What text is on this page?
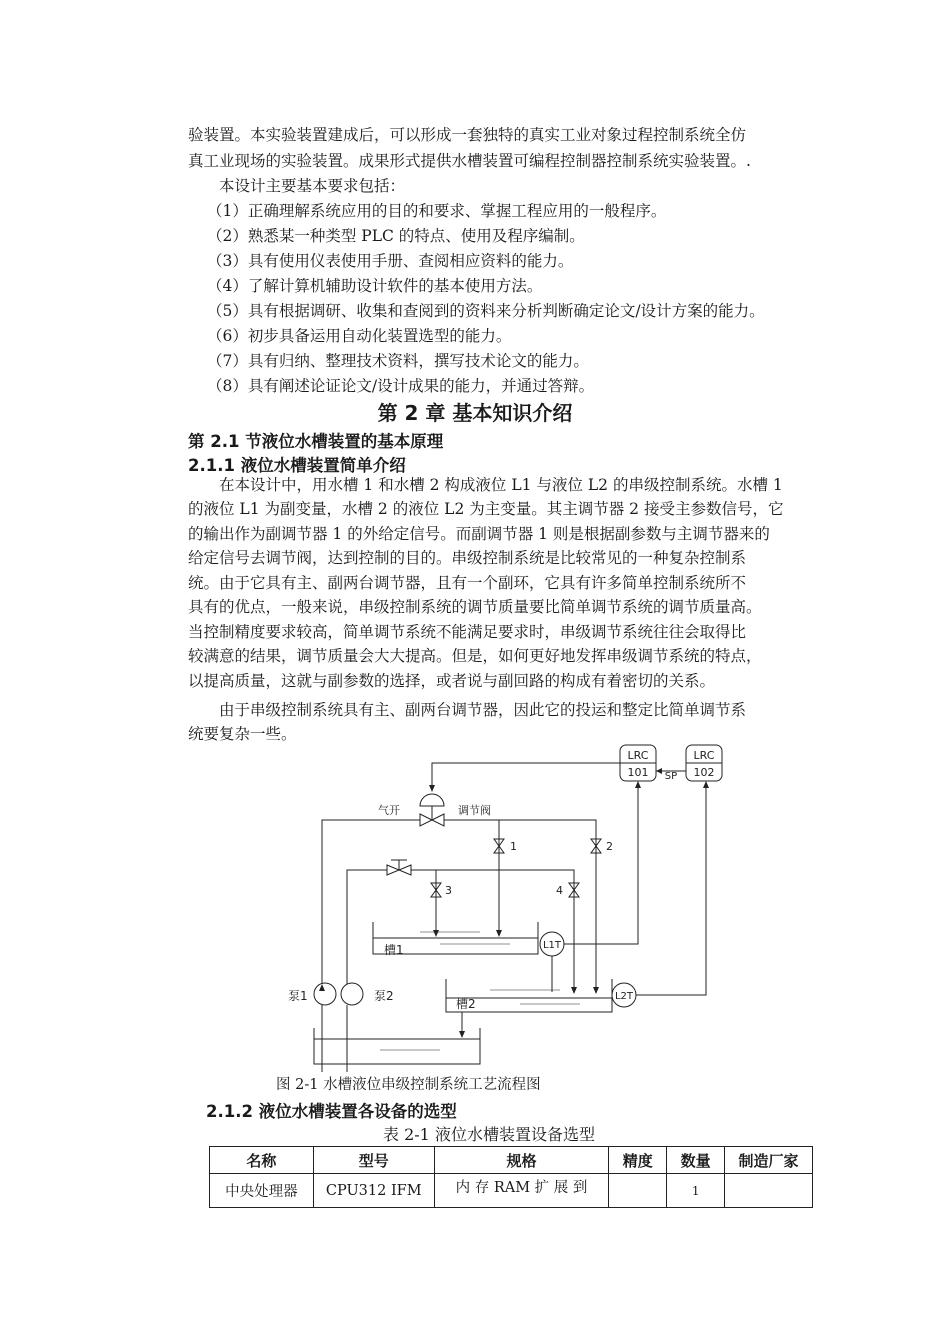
验装置。本实验装置建成后，可以形成一套独特的真实工业对象过程控制系统全仿
真工业现场的实验装置。成果形式提供水槽装置可编程控制器控制系统实验装置。.
本设计主要基本要求包括：
（1）正确理解系统应用的目的和要求、掌握工程应用的一般程序。
（2）熟悉某一种类型 PLC 的特点、使用及程序编制。
（3）具有使用仪表使用手册、查阅相应资料的能力。
（4）了解计算机辅助设计软件的基本使用方法。
（5）具有根据调研、收集和查阅到的资料来分析判断确定论文/设计方案的能力。
（6）初步具备运用自动化装置选型的能力。
（7）具有归纳、整理技术资料，撰写技术论文的能力。
（8）具有阐述论证论文/设计成果的能力，并通过答辩。
第 2 章 基本知识介绍
第 2.1 节液位水槽装置的基本原理
2.1.1 液位水槽装置简单介绍
在本设计中，用水槽 1 和水槽 2 构成液位 L1 与液位 L2 的串级控制系统。水槽 1
的液位 L1 为副变量，水槽 2 的液位 L2 为主变量。其主调节器 2 接受主参数信号，它
的输出作为副调节器 1 的外给定信号。而副调节器 1 则是根据副参数与主调节器来的
给定信号去调节阀，达到控制的目的。串级控制系统是比较常见的一种复杂控制系
统。由于它具有主、副两台调节器，且有一个副环，它具有许多简单控制系统所不
具有的优点，一般来说，串级控制系统的调节质量要比简单调节系统的调节质量高。
当控制精度要求较高，简单调节系统不能满足要求时，串级调节系统往往会取得比
较满意的结果，调节质量会大大提高。但是，如何更好地发挥串级调节系统的特点，
以提高质量，这就与副参数的选择，或者说与副回路的构成有着密切的关系。
由于串级控制系统具有主、副两台调节器，因此它的投运和整定比简单调节系
统要复杂一些。
LRC
101
LRC
102
SP
气开	调节阀
1	2
3	4
槽1	L1T
槽2
L2T
泵1	泵2
图 2-1 水槽液位串级控制系统工艺流程图
2.1.2 液位水槽装置各设备的选型
表 2-1 液位水槽装置设备选型
名称	型号	规格	精度	数量	制造厂家
中央处理器	CPU312 IFM	内 存 RAM 扩 展 到		1	
